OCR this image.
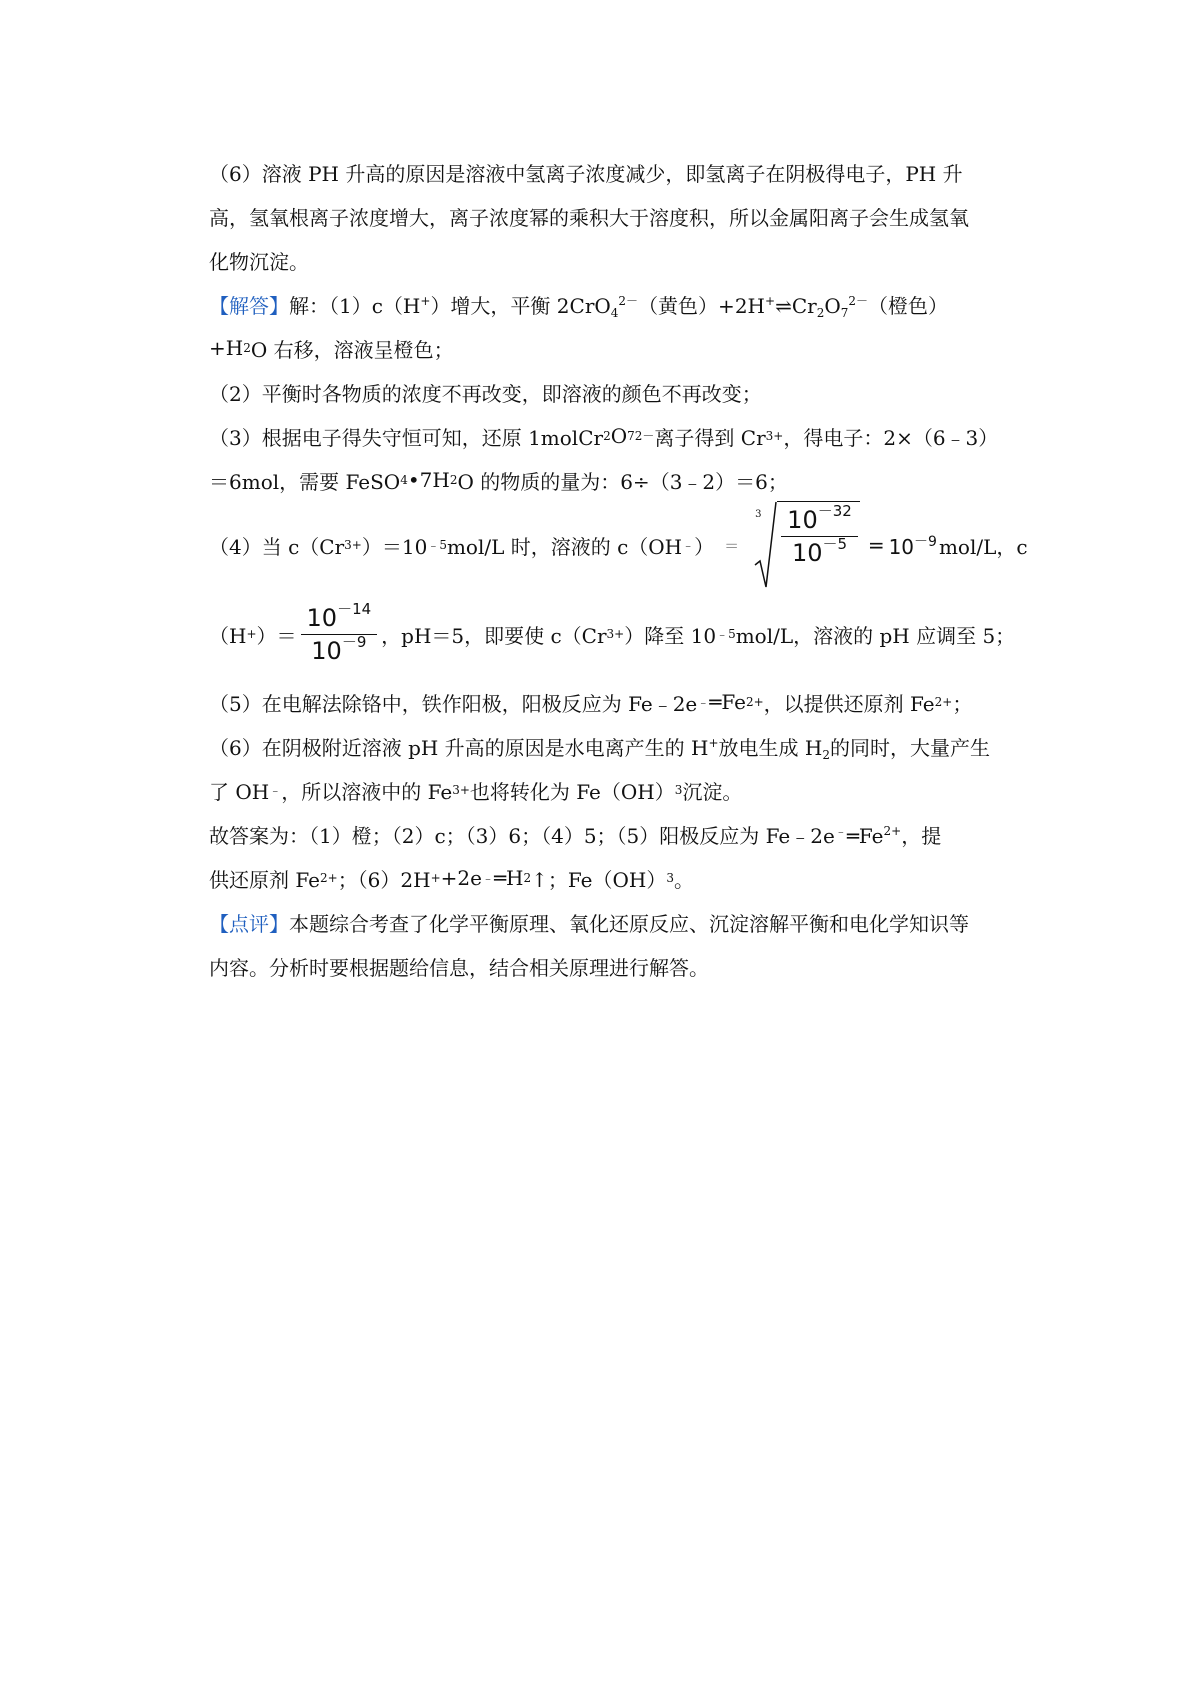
（6）溶液 PH 升高的原因是溶液中氢离子浓度减少，即氢离子在阴极得电子，PH 升
高，氢氧根离子浓度增大，离子浓度幂的乘积大于溶度积，所以金属阳离子会生成氢氧
化物沉淀。
【解答】解：（1）c（H+）增大，平衡 2CrO$_4^{2-}$（黄色）$+2H^+\rightleftharpoons Cr_2O_7^{2-}$（橙色）
+H 2 O 右移，溶液呈橙色；
（2）平衡时各物质的浓度不再改变，即溶液的颜色不再改变；
（3）根据电子得失守恒可知，还原 1molCr 2 O 7 2－ 离子得到 Cr 3+ ，得电子：2×（6﹣3）
＝6mol，需要 FeSO 4 •7H 2 O 的物质的量为：6÷（3﹣2）＝6；
（4）当 c（Cr 3+ ）＝10 ﹣5 mol/L 时，溶液的 c（OH ﹣ ） ＝
$3 \frac{10^{-32}}{10^{-5}} = 10^{-9}$ mol/L，c
（H + ）＝ $\frac{10^{-14}}{10^{-9}}$ ，pH＝5，即要使 c（Cr 3+ ）降至 10 ﹣5 mol/L，溶液的 pH 应调至 5；
（5）在电解法除铬中，铁作阳极，阳极反应为 Fe﹣2e ﹣ ═Fe 2+ ，以提供还原剂 Fe 2+ ；
（6）在阴极附近溶液 pH 升高的原因是水电离产生的 H+放电生成 $H_2$的同时，大量产生
了 OH ﹣ ，所以溶液中的 Fe 3+ 也将转化为 Fe（OH） 3 沉淀。
故答案为：（1）橙；（2）c；（3）6；（4）5；（5）阳极反应为 $Fe﹣2e^﹣═Fe^{2+}$，提
供还原剂 Fe 2+ ；（6）2H + +2e ﹣ ═H 2 ↑；Fe（OH） 3 。
【点评】本题综合考查了化学平衡原理、氧化还原反应、沉淀溶解平衡和电化学知识等
内容。分析时要根据题给信息，结合相关原理进行解答。
